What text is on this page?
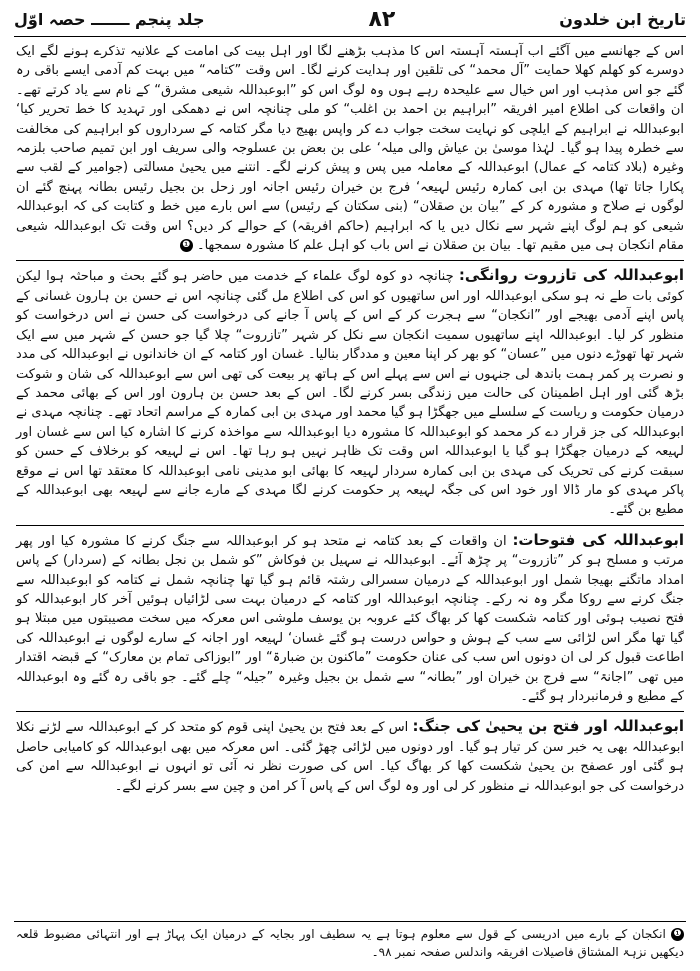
تاریخ ابن خلدون
۸۲
جلد پنجم ـــــــ حصہ اوّل

اس کے جھانسے میں آگئے اب آہستہ آہستہ اس کا مذہب بڑھنے لگا اور اہل بیت کی امامت کے علانیہ تذکرے ہونے لگے ایک دوسرے کو کھلم کھلا حمایت ”آل محمد“ کی تلقین اور ہدایت کرنے لگا۔ اس وقت ”کتامہ“ میں بہت کم آدمی ایسے باقی رہ گئے جو اس مذہب اور اس خیال سے علیحدہ رہے ہوں وہ لوگ اس کو ”ابوعبداللہ شیعی مشرق“ کے نام سے یاد کرتے تھے۔ ان واقعات کی اطلاع امیر افریقہ ”ابراہیم بن احمد بن اغلب“ کو ملی چنانچہ اس نے دھمکی اور تہدید کا خط تحریر کیا‘ ابوعبداللہ نے ابراہیم کے ایلچی کو نہایت سخت جواب دے کر واپس بھیج دیا مگر کتامہ کے سرداروں کو ابراہیم کی مخالفت سے خطرہ پیدا ہو گیا۔ لہٰذا موسیٰ بن عیاش والی میلہ‘ علی بن بعض بن عسلوجہ والی سریف اور ابن تمیم صاحب بلزمہ وغیرہ (بلاد کتامہ کے عمال) ابوعبداللہ کے معاملہ میں پس و پیش کرنے لگے۔ انتنے میں یحییٰ مسالتی (جوامیر کے لقب سے پکارا جاتا تھا) مہدی بن ابی کمارہ رئیس لہیعہ‘ فرج بن خیران رئیس اجانہ اور زحل بن بجیل رئیس بطانہ پہنچ گئے ان لوگوں نے صلاح و مشورہ کر کے ”بیان بن صقلان“ (بنی سکتان کے رئیس) سے اس بارے میں خط و کتابت کی کہ ابوعبداللہ شیعی کو ہم لوگ اپنے شہر سے نکال دیں یا کہ ابراہیم (حاکم افریقہ) کے حوالے کر دیں؟ اس وقت تک ابوعبداللہ شیعی مقام انکجان ہی میں مقیم تھا۔ بیان بن صقلان نے اس باب کو اہل علم کا مشورہ سمجھا۔ ❶

ابوعبداللہ کی تازروت روانگی: چنانچہ دو کوہ لوگ علماء کے خدمت میں حاضر ہو گئے بحث و مباحثہ ہوا لیکن کوئی بات طے نہ ہو سکی ابوعبداللہ اور اس ساتھیوں کو اس کی اطلاع مل گئی چنانچہ اس نے حسن بن ہارون غسانی کے پاس اپنے آدمی بھیجے اور ”انکجان“ سے ہجرت کر کے اس کے پاس آ جانے کی درخواست کی حسن نے اس درخواست کو منظور کر لیا۔ ابوعبداللہ اپنے ساتھیوں سمیت انکجان سے نکل کر شہر ”تازروت“ چلا گیا جو حسن کے شہر میں سے ایک شہر تھا تھوڑے دنوں میں ”عسان“ کو بھر کر اپنا معین و مددگار بنالیا۔ غسان اور کتامہ کے ان خاندانوں نے ابوعبداللہ کی مدد و نصرت پر کمر ہمت باندھ لی جنہوں نے اس سے پہلے اس کے ہاتھ پر بیعت کی تھی اس سے ابوعبداللہ کی شان و شوکت بڑھ گئی اور اہل اطمینان کی حالت میں زندگی بسر کرنے لگا۔ اس کے بعد حسن بن ہارون اور اس کے بھائی محمد کے درمیان حکومت و ریاست کے سلسلے میں جھگڑا ہو گیا محمد اور مہدی بن ابی کمارہ کے مراسم اتحاد تھے۔ چنانچہ مہدی نے ابوعبداللہ کی جز قرار دے کر محمد کو ابوعبداللہ کا مشورہ دیا ابوعبداللہ سے مواخذہ کرنے کا اشارہ کیا اس سے غسان اور لہیعہ کے درمیان جھگڑا ہو گیا یا ابوعبداللہ اس وقت تک ظاہر نہیں ہو رہا تھا۔ اس نے لہیعہ کو برخلاف کے حسن کو سبقت کرنے کی تحریک کی مہدی بن ابی کمارہ سردار لہیعہ کا بھائی ابو مدینی نامی ابوعبداللہ کا معتقد تھا اس نے موقع پاکر مہدی کو مار ڈالا اور خود اس کی جگہ لہیعہ پر حکومت کرنے لگا مہدی کے مارے جانے سے لہیعہ بھی ابوعبداللہ کے مطیع بن گئے۔

ابوعبداللہ کی فتوحات: ان واقعات کے بعد کتامہ نے متحد ہو کر ابوعبداللہ سے جنگ کرنے کا مشورہ کیا اور پھر مرتب و مسلح ہو کر ”تازروت“ پر چڑھ آئے۔ ابوعبداللہ نے سہیل بن فوکاش ”کو شمل بن نجل بطانہ کے (سردار) کے پاس امداد ماتگنے بھیجا شمل اور ابوعبداللہ کے درمیان سسرالی رشتہ قائم ہو گیا تھا چنانچہ شمل نے کتامہ کو ابوعبداللہ سے جنگ کرنے سے روکا مگر وہ نہ رکے۔ چنانچہ ابوعبداللہ اور کتامہ کے درمیان بہت سی لڑائیاں ہوئیں آخر کار ابوعبداللہ کو فتح نصیب ہوئی اور کتامہ شکست کھا کر بھاگ کئے عروبہ بن یوسف ملوشی اس معرکہ میں سخت مصیبتوں میں مبتلا ہو گیا تھا مگر اس لڑائی سے سب کے ہوش و حواس درست ہو گئے غسان‘ لہیعہ اور اجانہ کے سارے لوگوں نے ابوعبداللہ کی اطاعت قبول کر لی ان دونوں اس سب کی عنان حکومت ”ماکنون بن ضبارۃ“ اور ”ابوزاکی تمام بن معارک“ کے قبضہ اقتدار میں تھی ”اجانۃ“ سے فرج بن خیران اور ”بطانہ“ سے شمل بن بجیل وغیرہ ”جیلہ“ چلے گئے۔ جو باقی رہ گئے وہ ابوعبداللہ کے مطیع و فرمانبردار ہو گئے۔

ابوعبداللہ اور فتح بن یحییٰ کی جنگ: اس کے بعد فتح بن یحییٰ اپنی قوم کو متحد کر کے ابوعبداللہ سے لڑنے نکلا ابوعبداللہ بھی یہ خبر سن کر تیار ہو گیا۔ اور دونوں میں لڑائی چھڑ گئی۔ اس معرکہ میں بھی ابوعبداللہ کو کامیابی حاصل ہو گئی اور عصفح بن یحییٰ شکست کھا کر بھاگ کیا۔ اس کی صورت نظر نہ آئی تو انہوں نے ابوعبداللہ سے امن کی درخواست کی جو ابوعبداللہ نے منظور کر لی اور وہ لوگ اس کے پاس آ کر امن و چین سے بسر کرنے لگے۔

❶ انکجان کے بارے میں ادریسی کے قول سے معلوم ہوتا ہے یہ سطیف اور بجایہ کے درمیان ایک پہاڑ ہے اور انتہائی مضبوط قلعہ دیکھیں نزہۃ المشتاق فاصیلات افریقہ واندلس صفحہ نمبر ۹۸۔
